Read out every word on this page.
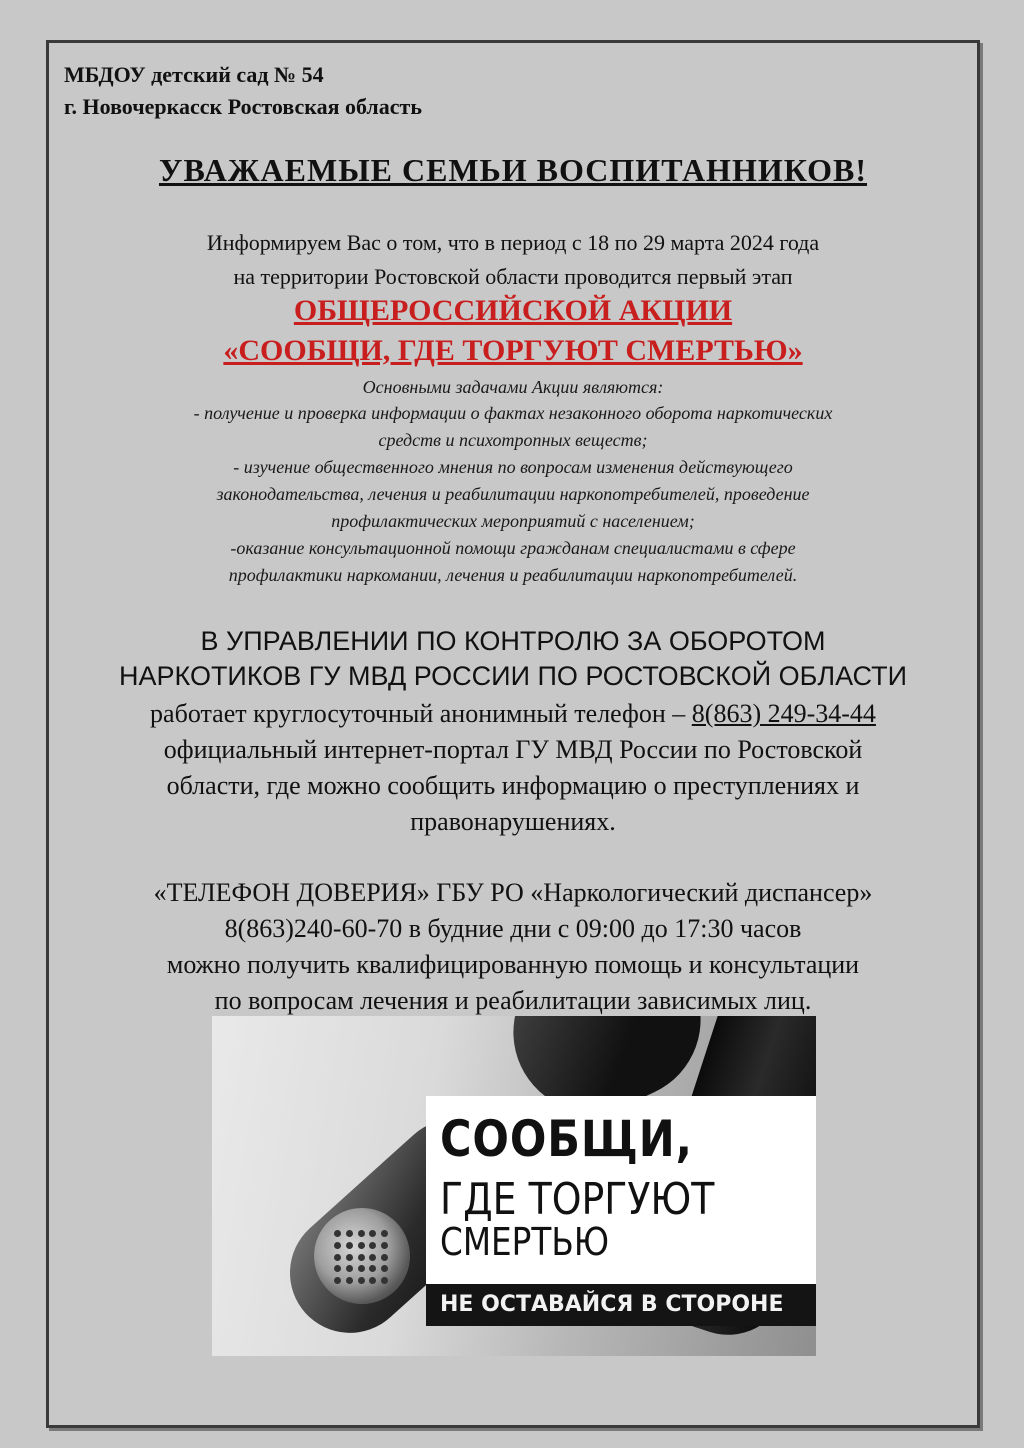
МБДОУ детский сад № 54
г. Новочеркасск Ростовская область
УВАЖАЕМЫЕ СЕМЬИ ВОСПИТАННИКОВ!
Информируем Вас о том, что в период с 18 по 29 марта 2024 года
на территории Ростовской области проводится первый этап
ОБЩЕРОССИЙСКОЙ АКЦИИ
«СООБЩИ, ГДЕ ТОРГУЮТ СМЕРТЬЮ»
Основными задачами Акции являются:
- получение и проверка информации о фактах незаконного оборота наркотических
средств и психотропных веществ;
- изучение общественного мнения по вопросам изменения действующего
законодательства, лечения и реабилитации наркопотребителей, проведение
профилактических мероприятий с населением;
-оказание консультационной помощи гражданам специалистами в сфере
профилактики наркомании, лечения и реабилитации наркопотребителей.
В УПРАВЛЕНИИ ПО КОНТРОЛЮ ЗА ОБОРОТОМ
НАРКОТИКОВ ГУ МВД РОССИИ ПО РОСТОВСКОЙ ОБЛАСТИ
работает круглосуточный анонимный телефон – 8(863) 249-34-44
официальный интернет-портал ГУ МВД России по Ростовской
области, где можно сообщить информацию о преступлениях и
правонарушениях.
«ТЕЛЕФОН ДОВЕРИЯ» ГБУ РО «Наркологический диспансер»
8(863)240-60-70 в будние дни с 09:00 до 17:30 часов
можно получить квалифицированную помощь и консультации
по вопросам лечения и реабилитации зависимых лиц.
СООБЩИ,
ГДЕ ТОРГУЮТ
СМЕРТЬЮ
НЕ ОСТАВАЙСЯ В СТОРОНЕ
